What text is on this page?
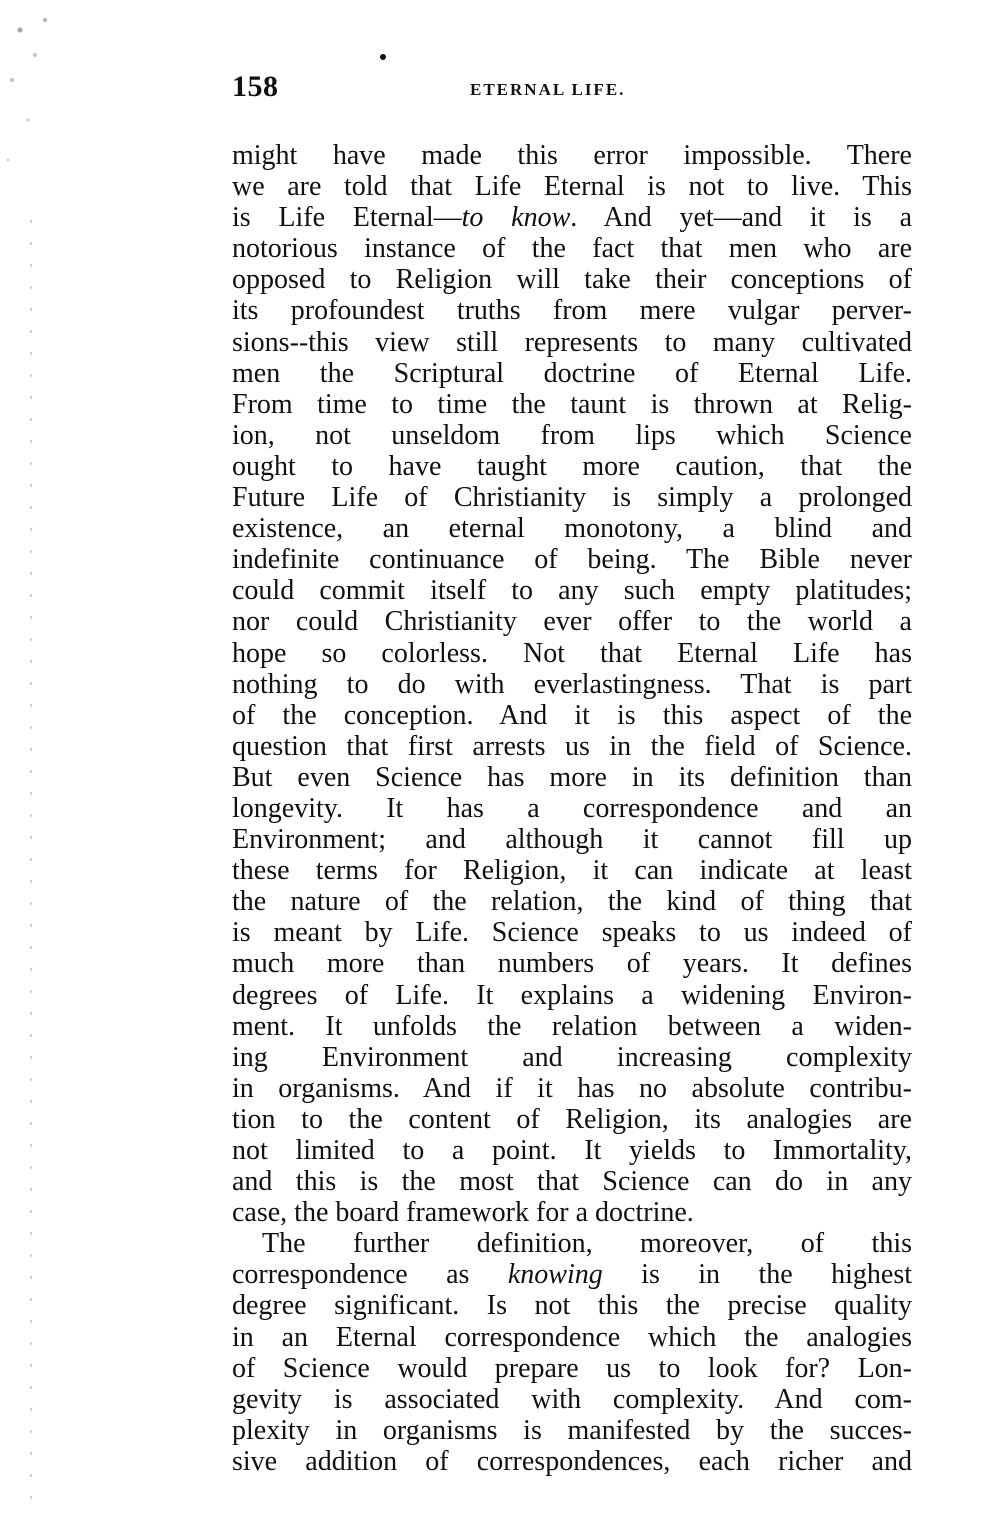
158	ETERNAL LIFE.
might have made this error impossible. There
we are told that Life Eternal is not to live. This
is Life Eternal—to know. And yet—and it is a
notorious instance of the fact that men who are
opposed to Religion will take their conceptions of
its profoundest truths from mere vulgar perver-
sions--this view still represents to many cultivated
men the Scriptural doctrine of Eternal Life.
From time to time the taunt is thrown at Relig-
ion, not unseldom from lips which Science
ought to have taught more caution, that the
Future Life of Christianity is simply a prolonged
existence, an eternal monotony, a blind and
indefinite continuance of being. The Bible never
could commit itself to any such empty platitudes;
nor could Christianity ever offer to the world a
hope so colorless. Not that Eternal Life has
nothing to do with everlastingness. That is part
of the conception. And it is this aspect of the
question that first arrests us in the field of Science.
But even Science has more in its definition than
longevity. It has a correspondence and an
Environment; and although it cannot fill up
these terms for Religion, it can indicate at least
the nature of the relation, the kind of thing that
is meant by Life. Science speaks to us indeed of
much more than numbers of years. It defines
degrees of Life. It explains a widening Environ-
ment. It unfolds the relation between a widen-
ing Environment and increasing complexity
in organisms. And if it has no absolute contribu-
tion to the content of Religion, its analogies are
not limited to a point. It yields to Immortality,
and this is the most that Science can do in any
case, the board framework for a doctrine.
The further definition, moreover, of this
correspondence as knowing is in the highest
degree significant. Is not this the precise quality
in an Eternal correspondence which the analogies
of Science would prepare us to look for? Lon-
gevity is associated with complexity. And com-
plexity in organisms is manifested by the succes-
sive addition of correspondences, each richer and
